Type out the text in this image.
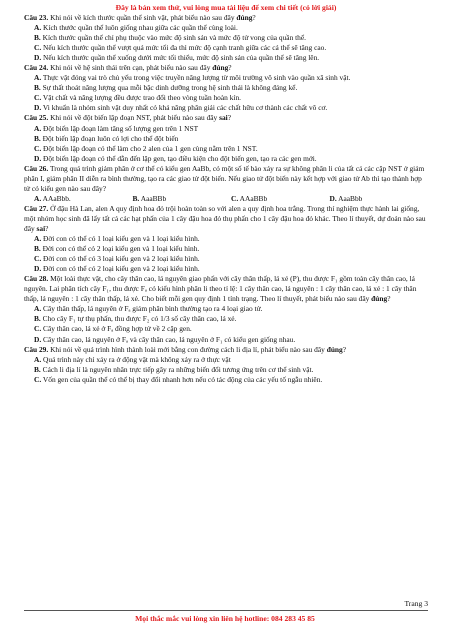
Đây là bản xem thử, vui lòng mua tài liệu để xem chi tiết (có lời giải)

Câu 23. Khi nói về kích thước quần thể sinh vật, phát biểu nào sau đây đúng?

A. Kích thước quần thể luôn giống nhau giữa các quần thể cùng loài.

B. Kích thước quần thể chỉ phụ thuộc vào mức độ sinh sản và mức độ tử vong của quần thể.

C. Nếu kích thước quần thể vượt quá mức tối đa thì mức độ cạnh tranh giữa các cá thể sẽ tăng cao.

D. Nếu kích thước quần thể xuống dưới mức tối thiểu, mức độ sinh sản của quần thể sẽ tăng lên.

Câu 24. Khi nói về hệ sinh thái trên cạn, phát biểu nào sau đây đúng?

A. Thực vật đóng vai trò chủ yếu trong việc truyền năng lượng từ môi trường vô sinh vào quần xã sinh vật.

B. Sự thất thoát năng lượng qua mỗi bậc dinh dưỡng trong hệ sinh thái là không đáng kể.

C. Vật chất và năng lượng đều được trao đổi theo vòng tuần hoàn kín.

D. Vi khuẩn là nhóm sinh vật duy nhất có khả năng phân giải các chất hữu cơ thành các chất vô cơ.

Câu 25. Khi nói về đột biến lặp đoạn NST, phát biểu nào sau đây sai?

A. Đột biến lặp đoạn làm tăng số lượng gen trên 1 NST

B. Đột biến lặp đoạn luôn có lợi cho thể đột biến

C. Đột biến lặp đoạn có thể làm cho 2 alen của 1 gen cùng nằm trên 1 NST.

D. Đột biến lặp đoạn có thể dẫn đến lặp gen, tạo điều kiện cho đột biến gen, tạo ra các gen mới.

Câu 26. Trong quá trình giảm phân ở cơ thể có kiểu gen AaBb, có một số tế bào xảy ra sự không phân li của tất cả các cặp NST ở giảm phân I, giảm phân II diễn ra bình thường, tạo ra các giao tử đột biến. Nếu giao tử đột biến này kết hợp với giao tử Ab thì tạo thành hợp tử có kiểu gen nào sau đây?

A. AAaBbb.	B. AaaBBb	C. AAaBBb	D. AaaBbb

Câu 27. Ở đậu Hà Lan, alen A quy định hoa đỏ trội hoàn toàn so với alen a quy định hoa trắng. Trong thí nghiệm thực hành lai giống, một nhóm học sinh đã lấy tất cả các hạt phấn của 1 cây đậu hoa đỏ thụ phấn cho 1 cây đậu hoa đỏ khác. Theo lí thuyết, dự đoán nào sau đây sai?

A. Đời con có thể có 1 loại kiểu gen và 1 loại kiểu hình.

B. Đời con có thể có 2 loại kiểu gen và 1 loại kiểu hình.

C. Đời con có thể có 3 loại kiểu gen và 2 loại kiểu hình.

D. Đời con có thể có 2 loại kiểu gen và 2 loại kiểu hình.

Câu 28. Một loài thực vật, cho cây thân cao, lá nguyên giao phấn với cây thân thấp, lá xẻ (P), thu được F₁ gồm toàn cây thân cao, lá nguyên. Lai phân tích cây F₁, thu được Fₐ có kiểu hình phân li theo tỉ lệ: 1 cây thân cao, lá nguyên : 1 cây thân cao, lá xẻ : 1 cây thân thấp, lá nguyên : 1 cây thân thấp, lá xẻ. Cho biết mỗi gen quy định 1 tính trạng. Theo lí thuyết, phát biểu nào sau đây đúng?

A. Cây thân thấp, lá nguyên ở Fₐ giảm phân bình thường tạo ra 4 loại giao tử.

B. Cho cây F₁ tự thụ phấn, thu được F₂ có 1/3 số cây thân cao, lá xẻ.

C. Cây thân cao, lá xẻ ở Fₐ đồng hợp tử về 2 cặp gen.

D. Cây thân cao, lá nguyên ở Fₐ và cây thân cao, lá nguyên ở F₁ có kiểu gen giống nhau.

Câu 29. Khi nói về quá trình hình thành loài mới bằng con đường cách li địa lí, phát biểu nào sau đây đúng?

A. Quá trình này chỉ xảy ra ở động vật mà không xảy ra ở thực vật

B. Cách li địa lí là nguyên nhân trực tiếp gây ra những biến đổi tương ứng trên cơ thể sinh vật.

C. Vốn gen của quần thể có thể bị thay đổi nhanh hơn nếu có tác động của các yếu tố ngẫu nhiên.

Trang 3
Mọi thắc mắc vui lòng xin liên hệ hotline: 084 283 45 85
